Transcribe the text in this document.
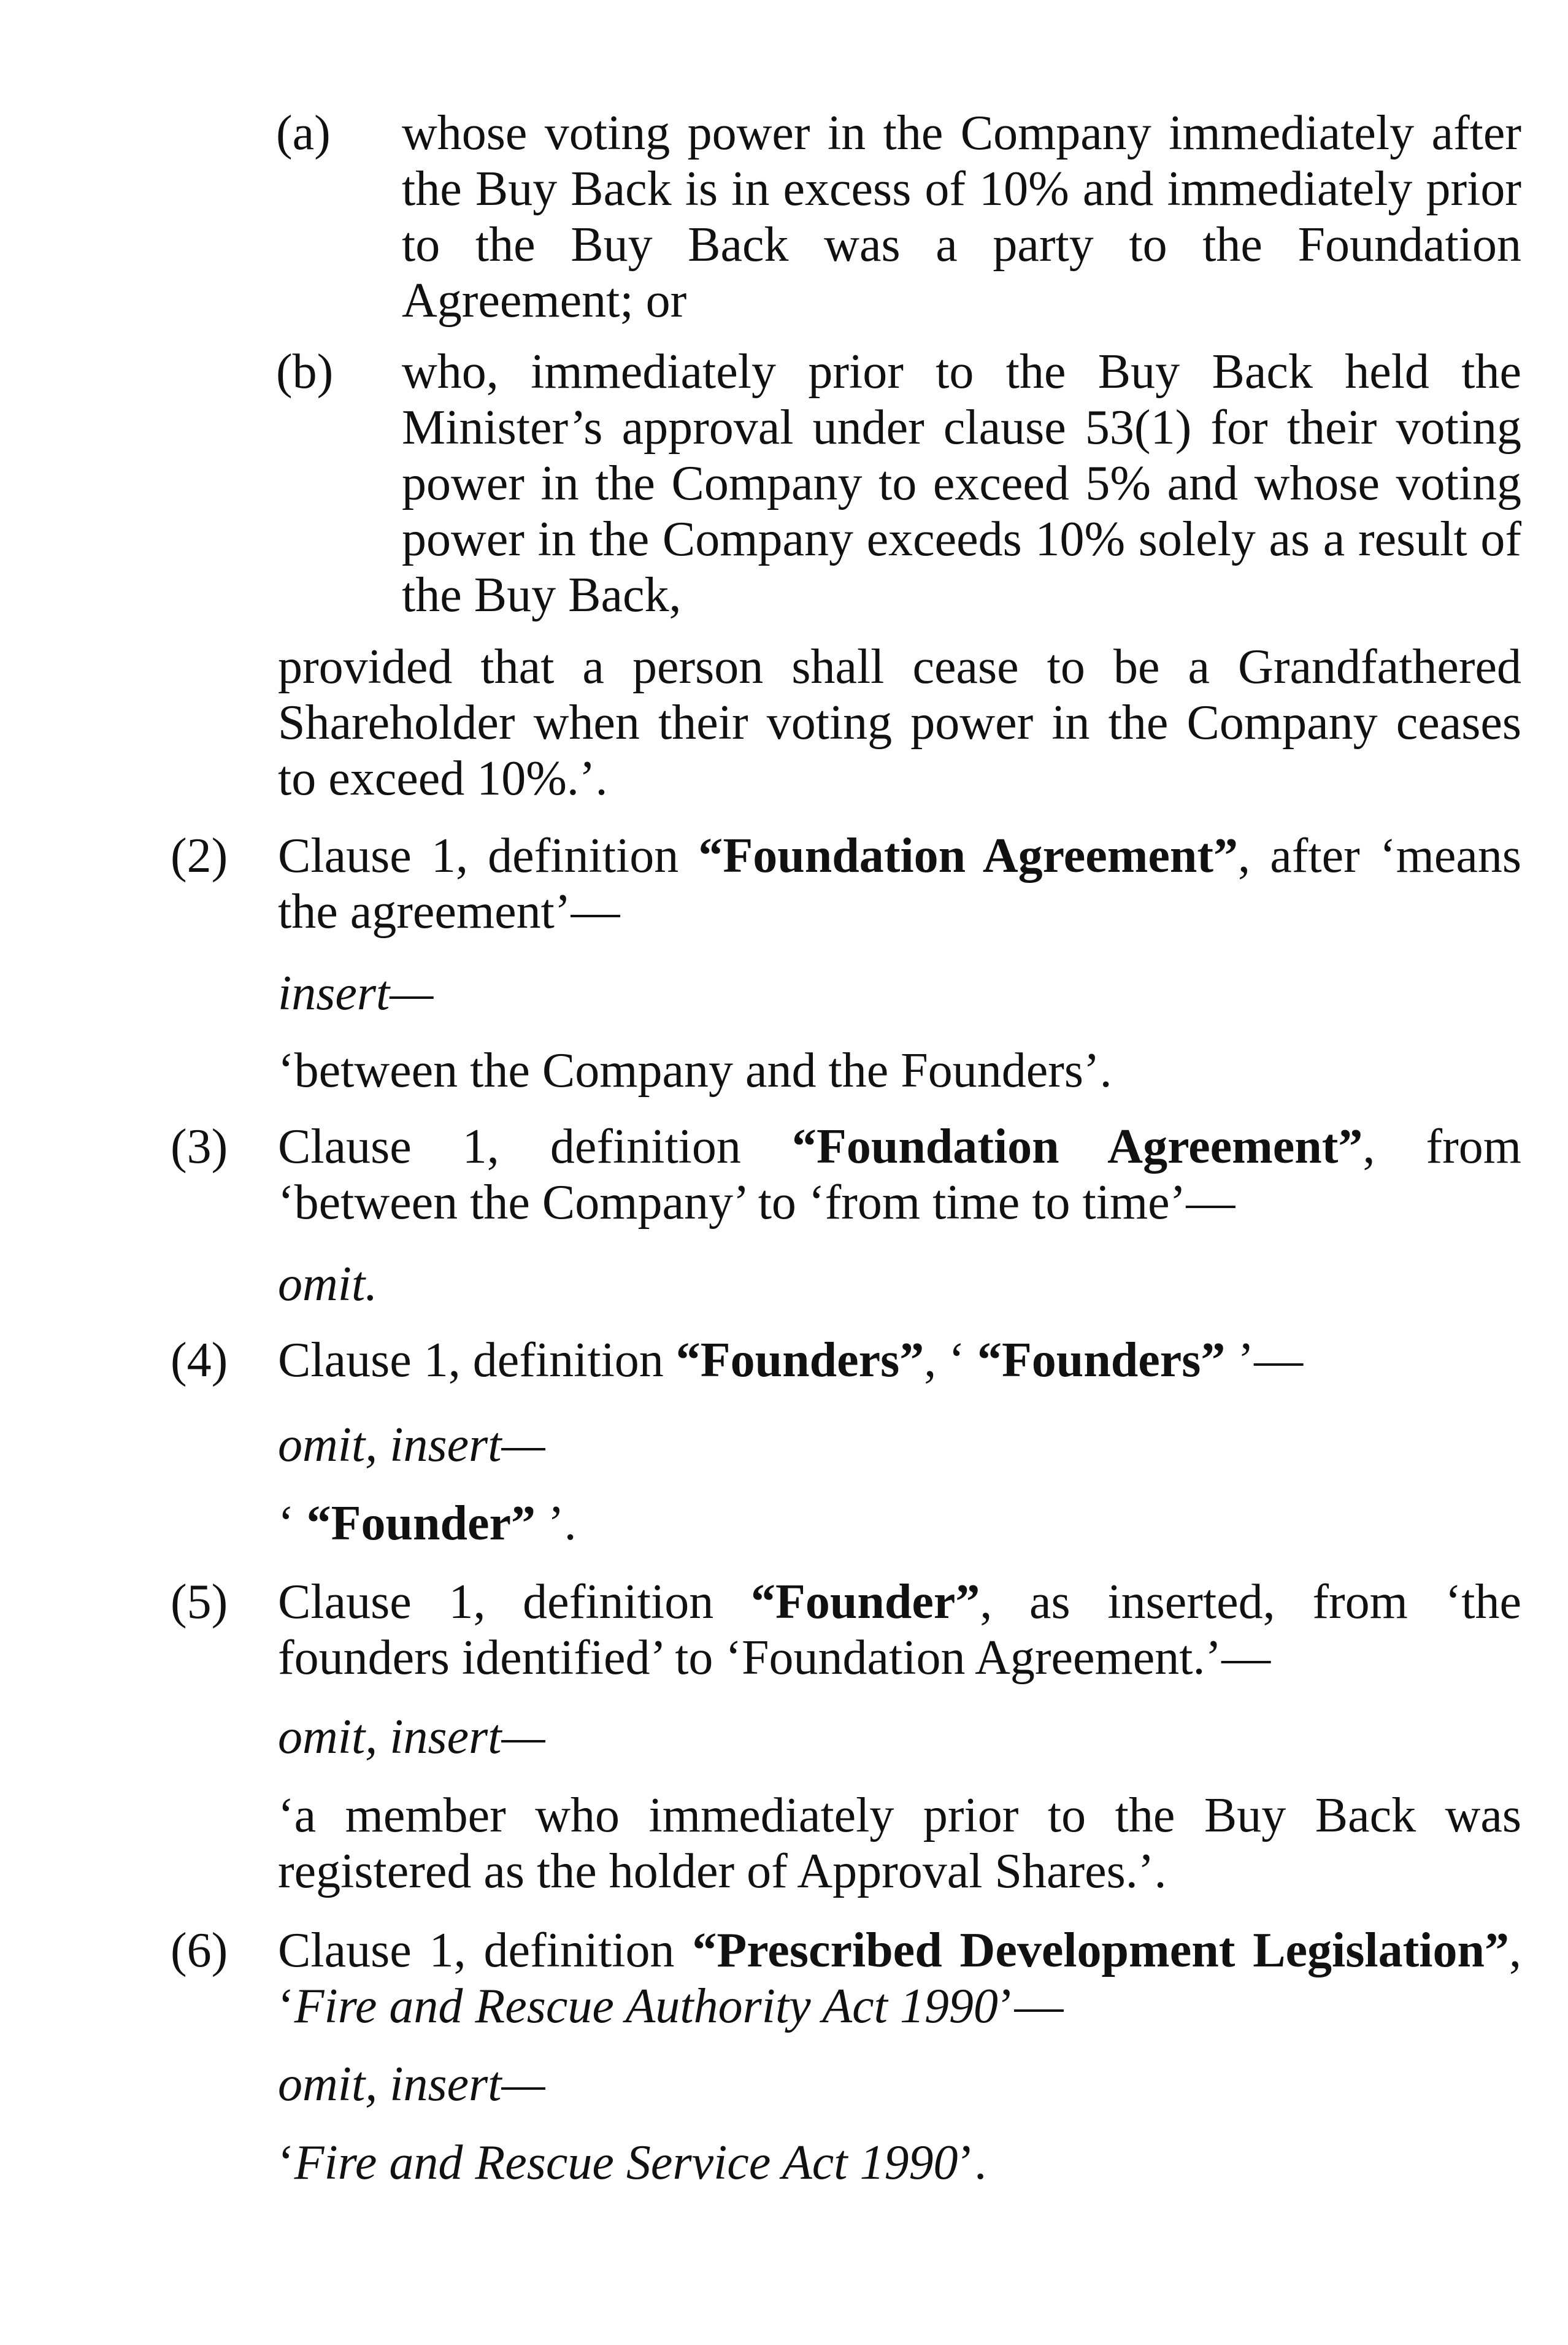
(a) whose voting power in the Company immediately after
the Buy Back is in excess of 10% and immediately prior
to the Buy Back was a party to the Foundation
Agreement; or

(b) who, immediately prior to the Buy Back held the
Minister’s approval under clause 53(1) for their voting
power in the Company to exceed 5% and whose voting
power in the Company exceeds 10% solely as a result of
the Buy Back,
provided that a person shall cease to be a Grandfathered
Shareholder when their voting power in the Company ceases
to exceed 10%.’.

(2) Clause 1, definition “Foundation Agreement”, after ‘means
the agreement’—

insert—

‘between the Company and the Founders’.

(3) Clause 1, definition “Foundation Agreement”, from
‘between the Company’ to ‘from time to time’—

omit.

(4) Clause 1, definition “Founders”, ‘ “Founders” ’—

omit, insert—

‘ “Founder” ’.

(5) Clause 1, definition “Founder”, as inserted, from ‘the
founders identified’ to ‘Foundation Agreement.’—

omit, insert—

‘a member who immediately prior to the Buy Back was
registered as the holder of Approval Shares.’.

(6) Clause 1, definition “Prescribed Development Legislation”,
‘Fire and Rescue Authority Act 1990’—

omit, insert—

‘Fire and Rescue Service Act 1990’.
